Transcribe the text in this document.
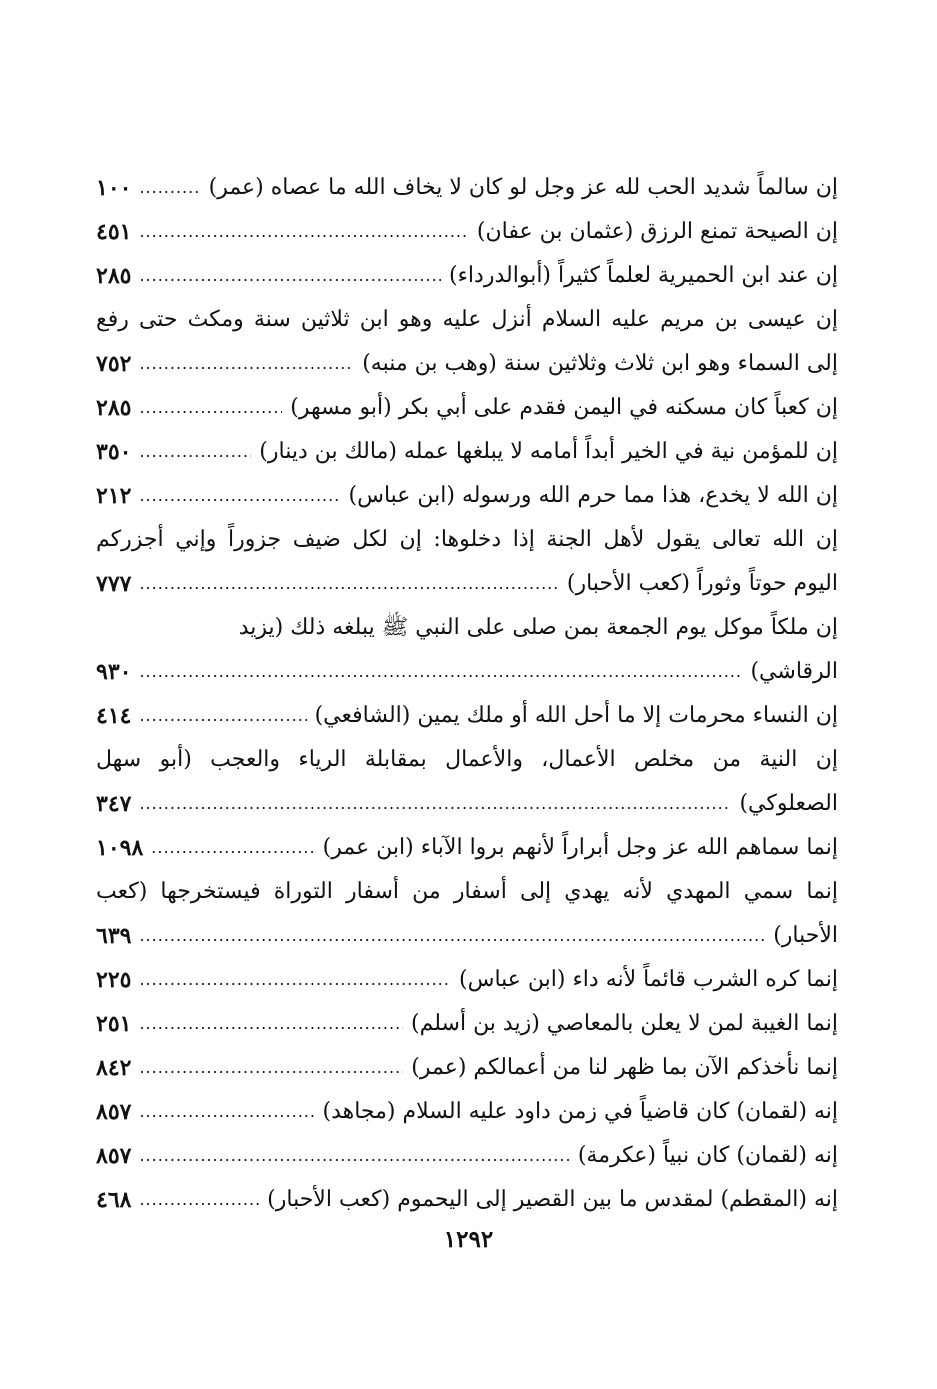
إن سالماً شديد الحب لله عز وجل لو كان لا يخاف الله ما عصاه (عمر)
.....
١٠٠
إن الصيحة تمنع الرزق (عثمان بن عفان)
.....
٤٥١
إن عند ابن الحميرية لعلماً كثيراً (أبوالدرداء)
.....
٢٨٥
إن عيسى بن مريم عليه السلام أنزل عليه وهو ابن ثلاثين سنة ومكث حتى رفع
إلى السماء وهو ابن ثلاث وثلاثين سنة (وهب بن منبه)
.....
٧٥٢
إن كعباً كان مسكنه في اليمن فقدم على أبي بكر (أبو مسهر)
.....
٢٨٥
إن للمؤمن نية في الخير أبداً أمامه لا يبلغها عمله (مالك بن دينار)
.....
٣٥٠
إن الله لا يخدع، هذا مما حرم الله ورسوله (ابن عباس)
.....
٢١٢
إن الله تعالى يقول لأهل الجنة إذا دخلوها: إن لكل ضيف جزوراً وإني أجزركم
اليوم حوتاً وثوراً (كعب الأحبار)
.....
٧٧٧
إن ملكاً موكل يوم الجمعة بمن صلى على النبي ﷺ يبلغه ذلك (يزيد
الرقاشي)
.....
٩٣٠
إن النساء محرمات إلا ما أحل الله أو ملك يمين (الشافعي)
.....
٤١٤
إن النية من مخلص الأعمال، والأعمال بمقابلة الرياء والعجب (أبو سهل
الصعلوكي)
.....
٣٤٧
إنما سماهم الله عز وجل أبراراً لأنهم بروا الآباء (ابن عمر)
.....
١٠٩٨
إنما سمي المهدي لأنه يهدي إلى أسفار من أسفار التوراة فيستخرجها (كعب
الأحبار)
.....
٦٣٩
إنما كره الشرب قائماً لأنه داء (ابن عباس)
.....
٢٢٥
إنما الغيبة لمن لا يعلن بالمعاصي (زيد بن أسلم)
.....
٢٥١
إنما نأخذكم الآن بما ظهر لنا من أعمالكم (عمر)
.....
٨٤٢
إنه (لقمان) كان قاضياً في زمن داود عليه السلام (مجاهد)
.....
٨٥٧
إنه (لقمان) كان نبياً (عكرمة)
.....
٨٥٧
إنه (المقطم) لمقدس ما بين القصير إلى اليحموم (كعب الأحبار)
.....
٤٦٨
١٢٩٢
